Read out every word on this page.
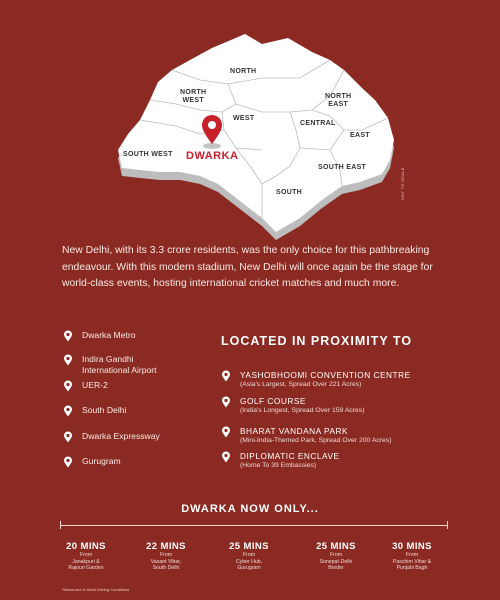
NORTH
NORTH
WEST
NORTH
EAST
WEST
CENTRAL
EAST
SOUTH WEST
SOUTH EAST
SOUTH
DWARKA
NOT TO SCALE
New Delhi, with its 3.3 crore residents, was the only choice for this pathbreaking endeavour. With this modern stadium, New Delhi will once again be the stage for world-class events, hosting international cricket matches and much more.
Dwarka Metro
Indira Gandhi
International Airport
UER-2
South Delhi
Dwarka Expressway
Gurugram
LOCATED IN PROXIMITY TO
YASHOBHOOMI CONVENTION CENTRE
(Asia's Largest, Spread Over 221 Acres)
GOLF COURSE
(India's Longest, Spread Over 159 Acres)
BHARAT VANDANA PARK
(Mini-India-Themed Park, Spread Over 200 Acres)
DIPLOMATIC ENCLAVE
(Home To 39 Embassies)
DWARKA NOW ONLY...
20 MINS
From
Janakpuri &
Rajouri Garden
22 MINS
From
Vasant Vihar,
South Delhi
25 MINS
From
Cyber Hub,
Gurugram
25 MINS
From
Sonepat-Delhi
Border
30 MINS
From
Paschim Vihar &
Punjabi Bagh
*Measured In Ideal Driving Conditions
